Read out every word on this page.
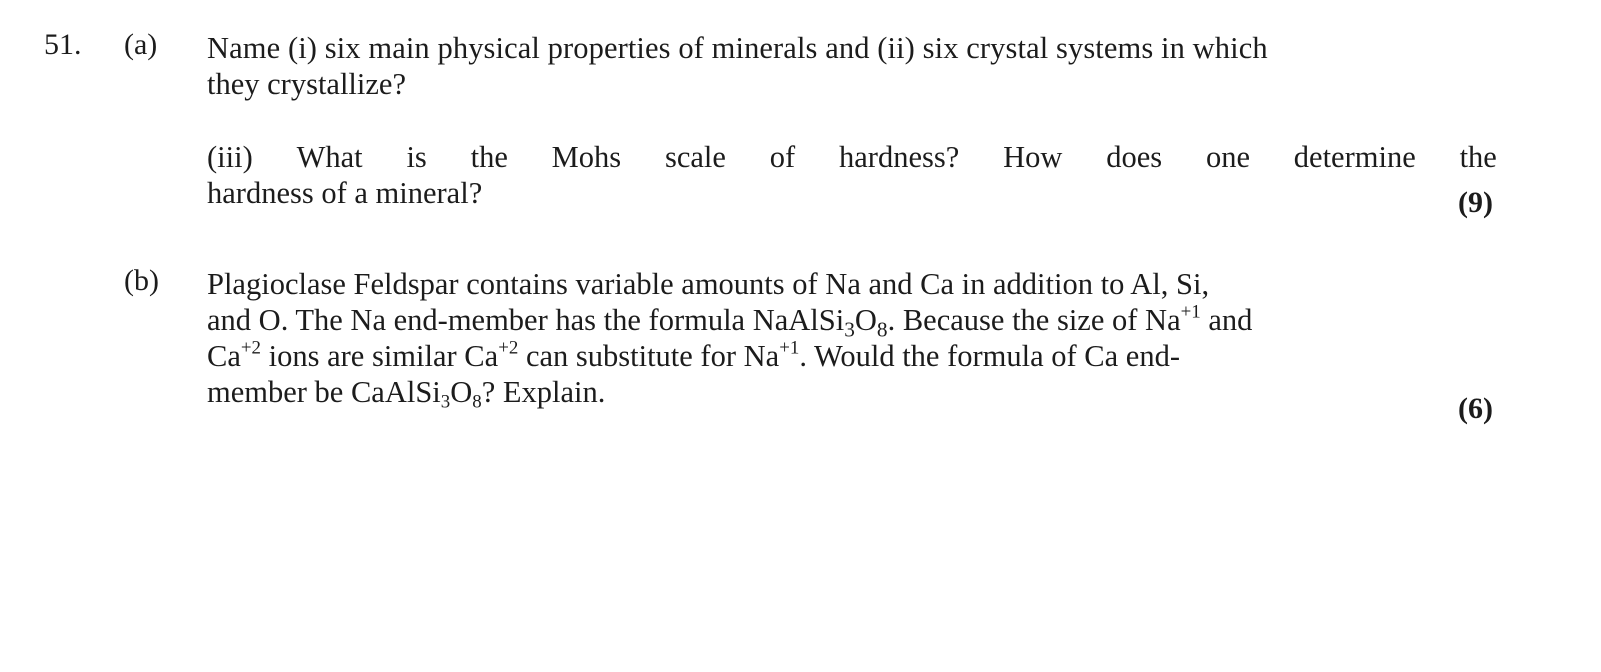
51. (a) Name (i) six main physical properties of minerals and (ii) six crystal systems in which
they crystallize?
(iii) What is the Mohs scale of hardness? How does one determine the
hardness of a mineral?	(9)
(b) Plagioclase Feldspar contains variable amounts of Na and Ca in addition to Al, Si,
and O. The Na end-member has the formula $NaAlSi_3O_8$. Because the size of $Na^{+1}$ and
$Ca^{+2}$ ions are similar $Ca^{+2}$ can substitute for $Na^{+1}$. Would the formula of Ca end-
member be $CaAlSi_3O_8$? Explain.	(6)
